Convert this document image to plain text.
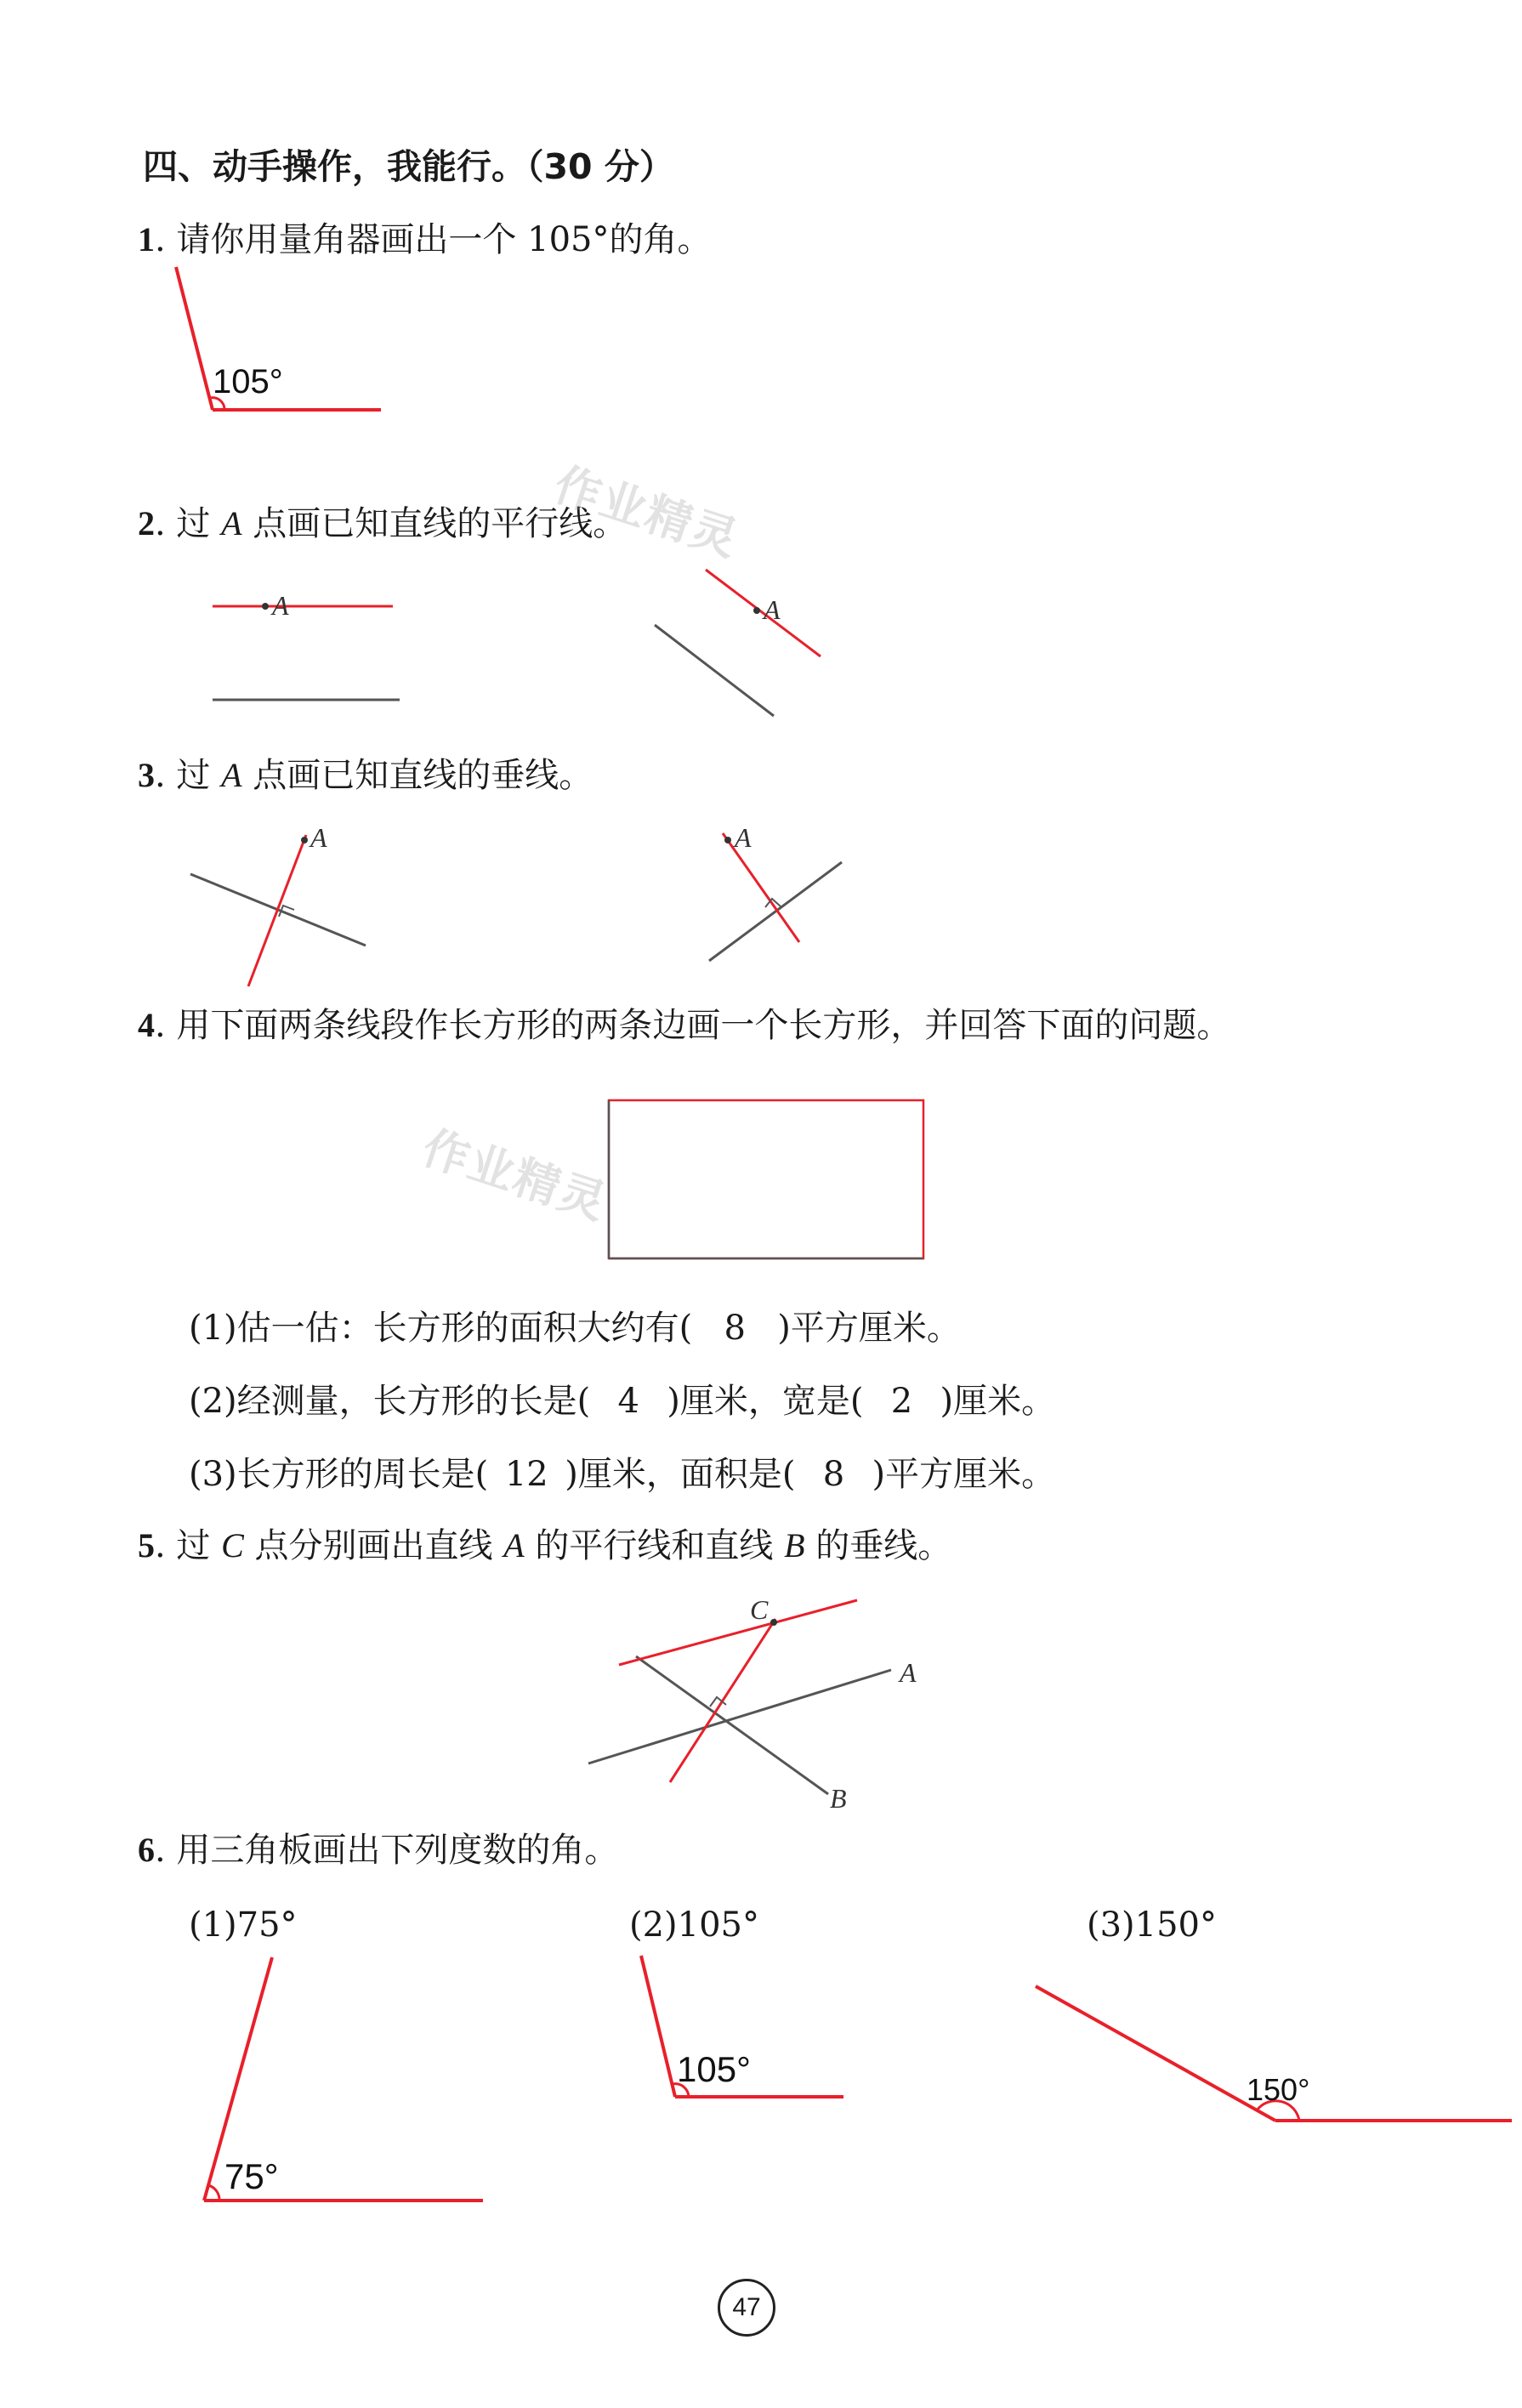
四、动手操作，我能行。（30 分）
1. 请你用量角器画出一个 105°的角。
105°
2. 过 A 点画已知直线的平行线。
A	A
3. 过 A 点画已知直线的垂线。
A	A
4. 用下面两条线段作长方形的两条边画一个长方形，并回答下面的问题。
(1)估一估：长方形的面积大约有( 8 )平方厘米。
(2)经测量，长方形的长是( 4 )厘米，宽是( 2 )厘米。
(3)长方形的周长是( 12 )厘米，面积是( 8 )平方厘米。
5. 过 C 点分别画出直线 A 的平行线和直线 B 的垂线。
C
A
B
6. 用三角板画出下列度数的角。
(1)75°	(2)105°	(3)150°
75°
105°
150°
作业精灵
作业精灵
47
